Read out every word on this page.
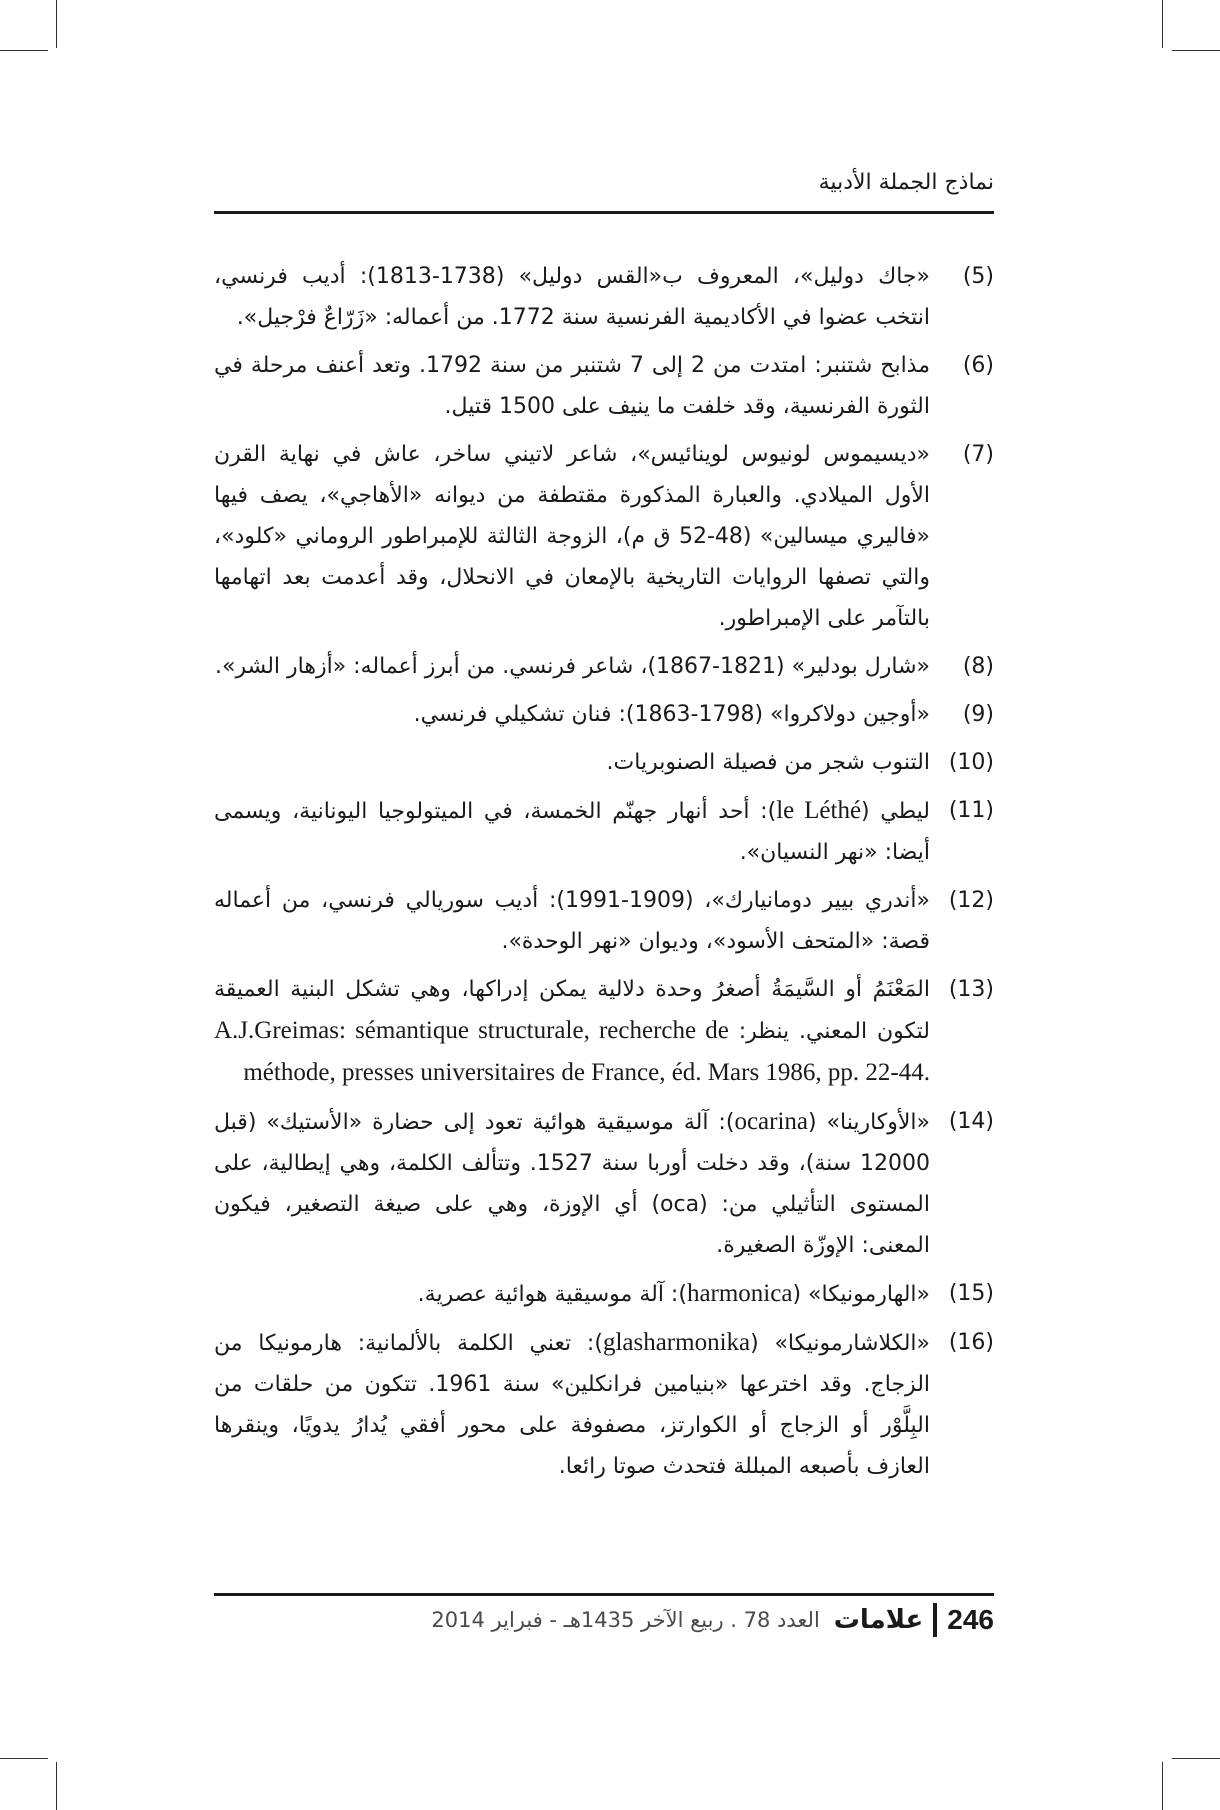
نماذج الجملة الأدبية
(5)
«جاك دوليل»، المعروف ب«القس دوليل» (1738-1813): أديب فرنسي، انتخب عضوا في الأكاديمية الفرنسية سنة 1772. من أعماله: «زَرّاعٌ فرْجيل».
(6)
مذابح شتنبر: امتدت من 2 إلى 7 شتنبر من سنة 1792. وتعد أعنف مرحلة في الثورة الفرنسية، وقد خلفت ما ينيف على 1500 قتيل.
(7)
«ديسيموس لونيوس لوينائيس»، شاعر لاتيني ساخر، عاش في نهاية القرن الأول الميلادي. والعبارة المذكورة مقتطفة من ديوانه «الأهاجي»، يصف فيها «فاليري ميسالين» (48-52 ق م)، الزوجة الثالثة للإمبراطور الروماني «كلود»، والتي تصفها الروايات التاريخية بالإمعان في الانحلال، وقد أعدمت بعد اتهامها بالتآمر على الإمبراطور.
(8)
«شارل بودلير» (1821-1867)، شاعر فرنسي. من أبرز أعماله: «أزهار الشر».
(9)
«أوجين دولاكروا» (1798-1863): فنان تشكيلي فرنسي.
(10)
التنوب شجر من فصيلة الصنوبريات.
(11)
ليطي (le Léthé): أحد أنهار جهنّم الخمسة، في الميتولوجيا اليونانية، ويسمى أيضا: «نهر النسيان».
(12)
«أندري بيير دومانيارك»، (1909-1991): أديب سوريالي فرنسي، من أعماله قصة: «المتحف الأسود»، وديوان «نهر الوحدة».
(13)
المَعْنَمُ أو السَّيمَةُ أصغرُ وحدة دلالية يمكن إدراكها، وهي تشكل البنية العميقة لتكون المعني. ينظر: A.J.Greimas: sémantique structurale, recherche de méthode, presses universitaires de France, éd. Mars 1986, pp. 22-44.
(14)
«الأوكارينا» (ocarina): آلة موسيقية هوائية تعود إلى حضارة «الأستيك» (قبل 12000 سنة)، وقد دخلت أوربا سنة 1527. وتتألف الكلمة، وهي إيطالية، على المستوى التأثيلي من: (oca) أي الإوزة، وهي على صيغة التصغير، فيكون المعنى: الإوزّة الصغيرة.
(15)
«الهارمونيكا» (harmonica): آلة موسيقية هوائية عصرية.
(16)
«الكلاشارمونيكا» (glasharmonika): تعني الكلمة بالألمانية: هارمونيكا من الزجاج. وقد اخترعها «بنيامين فرانكلين» سنة 1961. تتكون من حلقات من البِلَّوْر أو الزجاج أو الكوارتز، مصفوفة على محور أفقي يُدارُ يدويًا، وينقرها العازف بأصبعه المبللة فتحدث صوتا رائعا.
246
علامات
العدد 78 . ربيع الآخر 1435هـ - فبراير 2014
